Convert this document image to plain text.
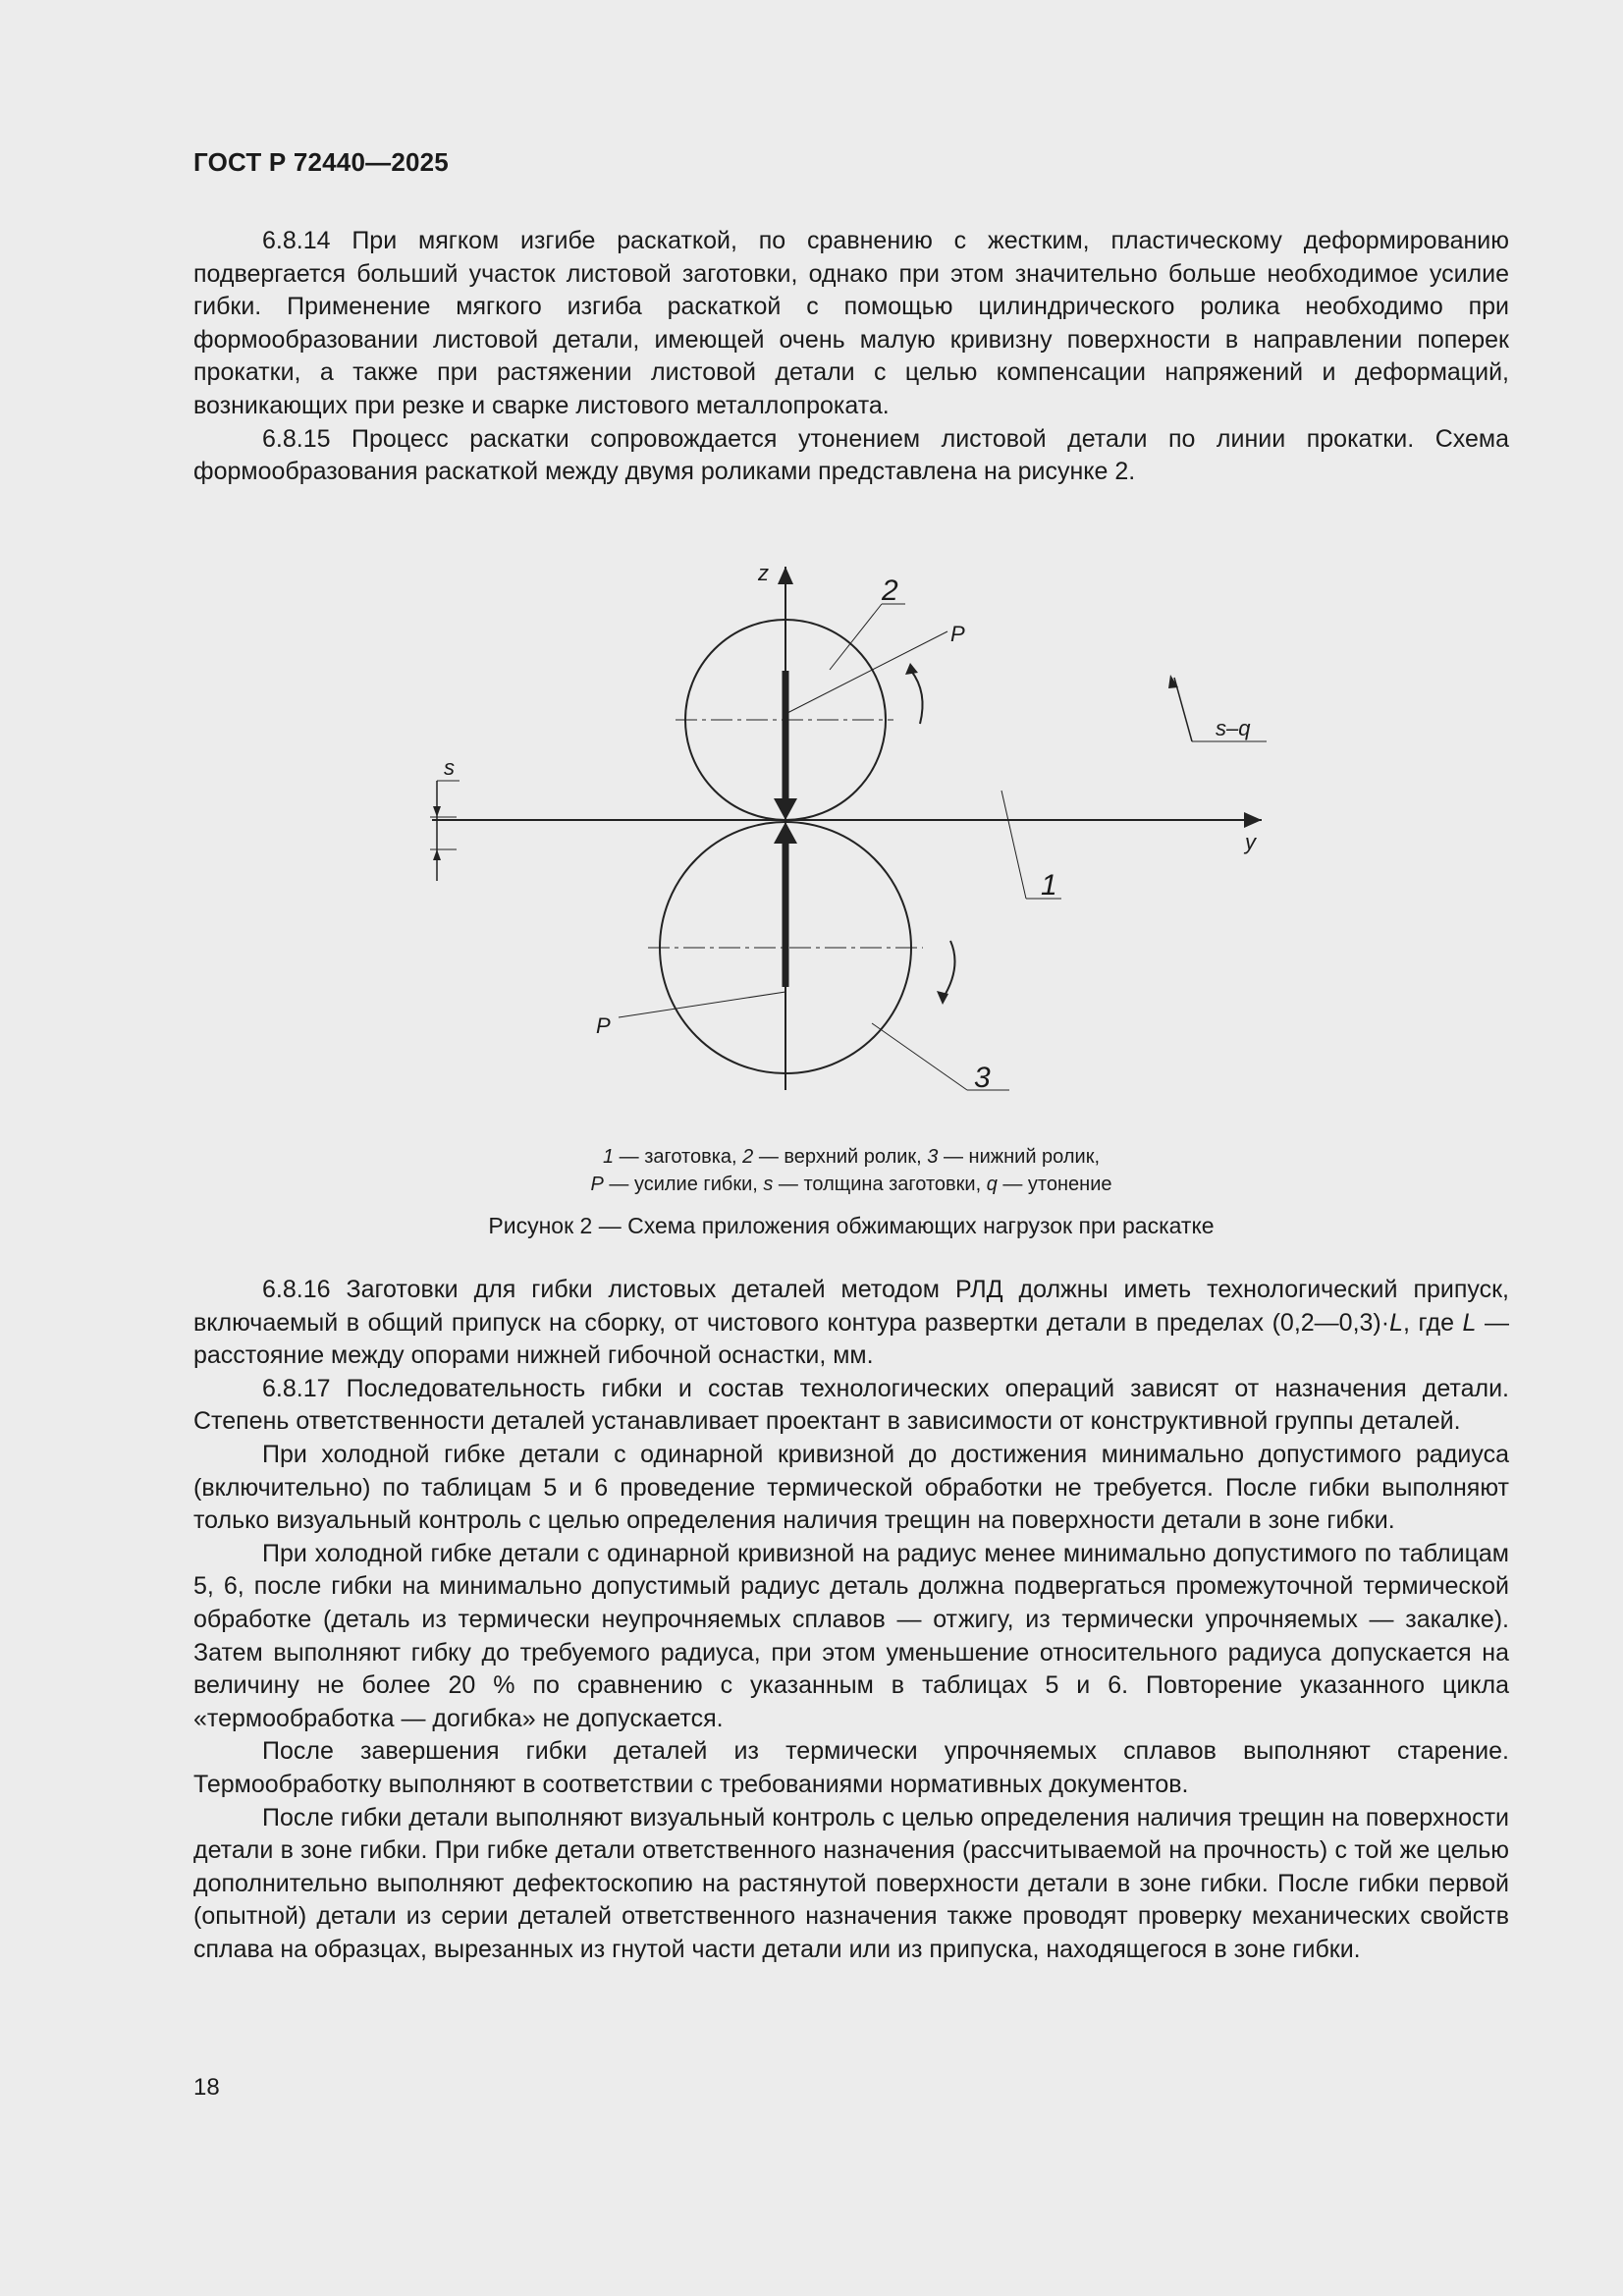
ГОСТ Р 72440—2025

6.8.14 При мягком изгибе раскаткой, по сравнению с жестким, пластическому деформированию подвергается больший участок листовой заготовки, однако при этом значительно больше необходимое усилие гибки. Применение мягкого изгиба раскаткой с помощью цилиндрического ролика необходимо при формообразовании листовой детали, имеющей очень малую кривизну поверхности в направлении поперек прокатки, а также при растяжении листовой детали с целью компенсации напряжений и деформаций, возникающих при резке и сварке листового металлопроката.

6.8.15 Процесс раскатки сопровождается утонением листовой детали по линии прокатки. Схема формообразования раскаткой между двумя роликами представлена на рисунке 2.

s
s–q
z
y
2
P
1
P
3
1 — заготовка, 2 — верхний ролик, 3 — нижний ролик,
P — усилие гибки, s — толщина заготовки, q — утонение
Рисунок 2 — Схема приложения обжимающих нагрузок при раскатке

6.8.16 Заготовки для гибки листовых деталей методом РЛД должны иметь технологический припуск, включаемый в общий припуск на сборку, от чистового контура развертки детали в пределах (0,2—0,3)·L, где L — расстояние между опорами нижней гибочной оснастки, мм.

6.8.17 Последовательность гибки и состав технологических операций зависят от назначения детали. Степень ответственности деталей устанавливает проектант в зависимости от конструктивной группы деталей.

При холодной гибке детали с одинарной кривизной до достижения минимально допустимого радиуса (включительно) по таблицам 5 и 6 проведение термической обработки не требуется. После гибки выполняют только визуальный контроль с целью определения наличия трещин на поверхности детали в зоне гибки.

При холодной гибке детали с одинарной кривизной на радиус менее минимально допустимого по таблицам 5, 6, после гибки на минимально допустимый радиус деталь должна подвергаться промежуточной термической обработке (деталь из термически неупрочняемых сплавов — отжигу, из термически упрочняемых — закалке). Затем выполняют гибку до требуемого радиуса, при этом уменьшение относительного радиуса допускается на величину не более 20 % по сравнению с указанным в таблицах 5 и 6. Повторение указанного цикла «термообработка — догибка» не допускается.

После завершения гибки деталей из термически упрочняемых сплавов выполняют старение. Термообработку выполняют в соответствии с требованиями нормативных документов.

После гибки детали выполняют визуальный контроль с целью определения наличия трещин на поверхности детали в зоне гибки. При гибке детали ответственного назначения (рассчитываемой на прочность) с той же целью дополнительно выполняют дефектоскопию на растянутой поверхности детали в зоне гибки. После гибки первой (опытной) детали из серии деталей ответственного назначения также проводят проверку механических свойств сплава на образцах, вырезанных из гнутой части детали или из припуска, находящегося в зоне гибки.

18
